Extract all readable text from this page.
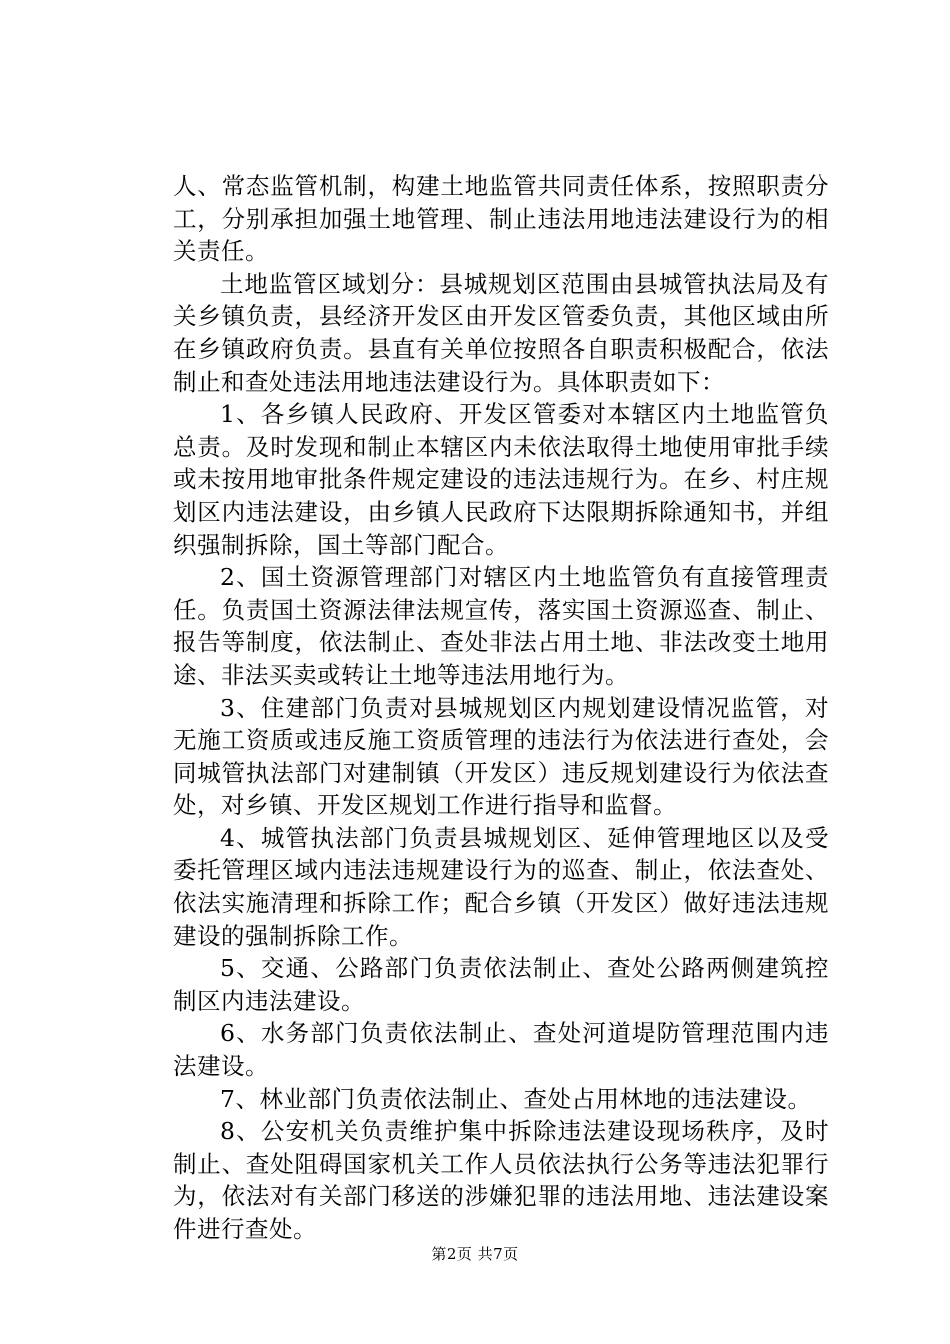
人、常态监管机制，构建土地监管共同责任体系，按照职责分工，分别承担加强土地管理、制止违法用地违法建设行为的相关责任。

土地监管区域划分：县城规划区范围由县城管执法局及有关乡镇负责，县经济开发区由开发区管委负责，其他区域由所在乡镇政府负责。县直有关单位按照各自职责积极配合，依法制止和查处违法用地违法建设行为。具体职责如下：

1、各乡镇人民政府、开发区管委对本辖区内土地监管负总责。及时发现和制止本辖区内未依法取得土地使用审批手续或未按用地审批条件规定建设的违法违规行为。在乡、村庄规划区内违法建设，由乡镇人民政府下达限期拆除通知书，并组织强制拆除，国土等部门配合。

2、国土资源管理部门对辖区内土地监管负有直接管理责任。负责国土资源法律法规宣传，落实国土资源巡查、制止、报告等制度，依法制止、查处非法占用土地、非法改变土地用途、非法买卖或转让土地等违法用地行为。

3、住建部门负责对县城规划区内规划建设情况监管，对无施工资质或违反施工资质管理的违法行为依法进行查处，会同城管执法部门对建制镇（开发区）违反规划建设行为依法查处，对乡镇、开发区规划工作进行指导和监督。

4、城管执法部门负责县城规划区、延伸管理地区以及受委托管理区域内违法违规建设行为的巡查、制止，依法查处、依法实施清理和拆除工作；配合乡镇（开发区）做好违法违规建设的强制拆除工作。

5、交通、公路部门负责依法制止、查处公路两侧建筑控制区内违法建设。

6、水务部门负责依法制止、查处河道堤防管理范围内违法建设。

7、林业部门负责依法制止、查处占用林地的违法建设。

8、公安机关负责维护集中拆除违法建设现场秩序，及时制止、查处阻碍国家机关工作人员依法执行公务等违法犯罪行为，依法对有关部门移送的涉嫌犯罪的违法用地、违法建设案件进行查处。

第2页 共7页
